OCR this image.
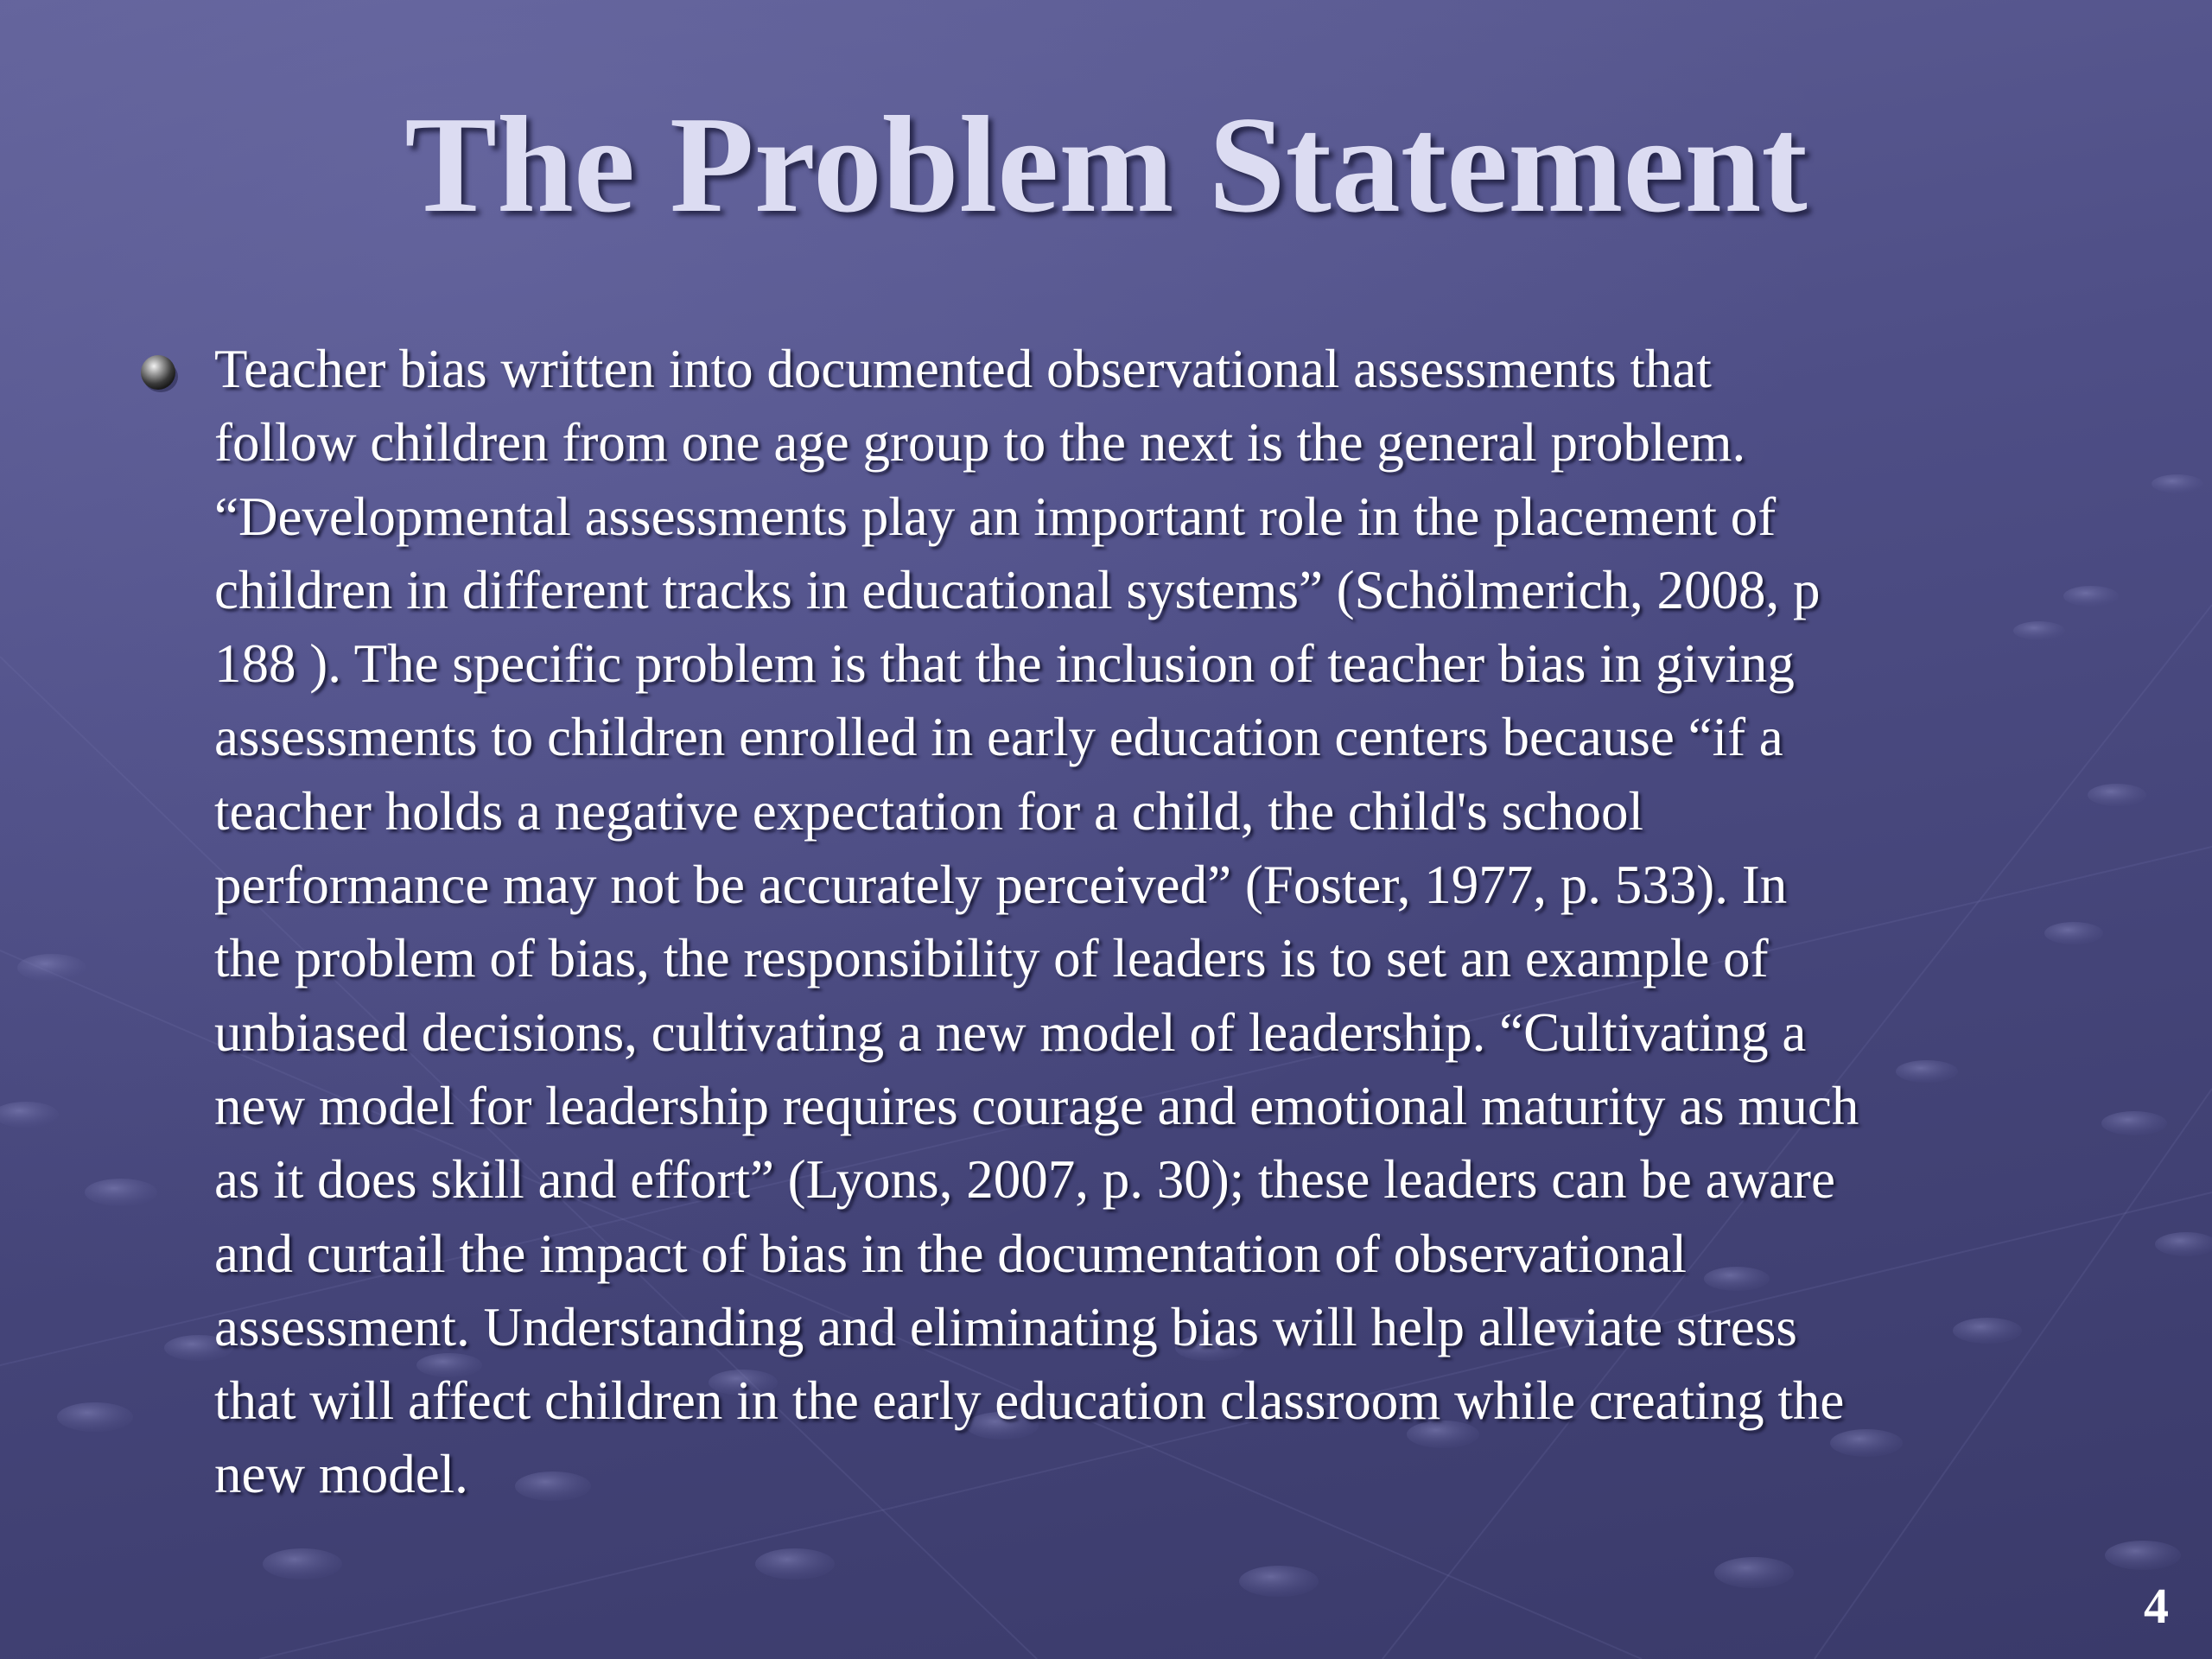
The Problem Statement

Teacher bias written into documented observational assessments that
follow children from one age group to the next is the general problem.
“Developmental assessments play an important role in the placement of
children in different tracks in educational systems” (Schölmerich, 2008, p
188 ). The specific problem is that the inclusion of teacher bias in giving
assessments to children enrolled in early education centers because “if a
teacher holds a negative expectation for a child, the child's school
performance may not be accurately perceived” (Foster, 1977, p. 533). In
the problem of bias, the responsibility of leaders is to set an example of
unbiased decisions, cultivating a new model of leadership. “Cultivating a
new model for leadership requires courage and emotional maturity as much
as it does skill and effort” (Lyons, 2007, p. 30); these leaders can be aware
and curtail the impact of bias in the documentation of observational
assessment. Understanding and eliminating bias will help alleviate stress
that will affect children in the early education classroom while creating the
new model.

4
